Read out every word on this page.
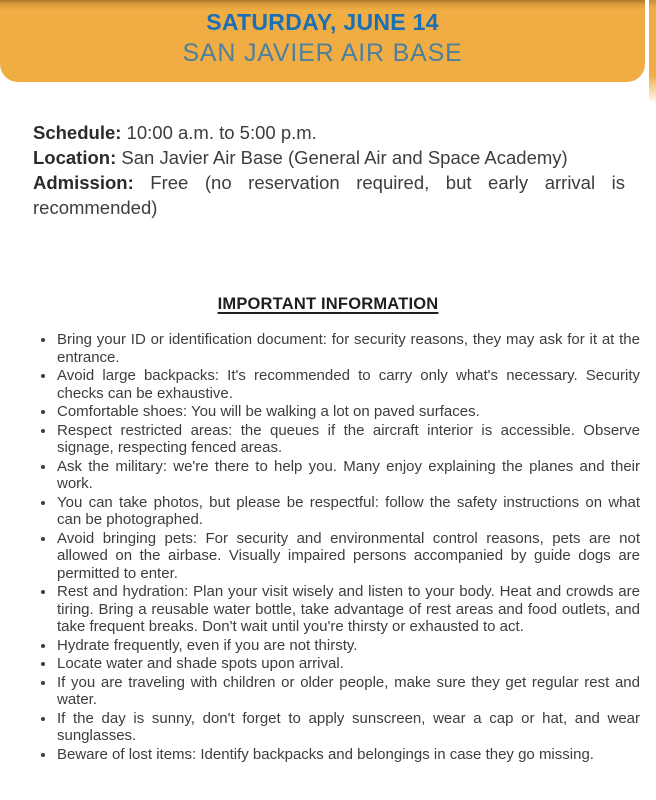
SATURDAY, JUNE 14
SAN JAVIER AIR BASE

Schedule: 10:00 a.m. to 5:00 p.m.

Location: San Javier Air Base (General Air and Space Academy)

Admission: Free (no reservation required, but early arrival is recommended)

IMPORTANT INFORMATION
• Bring your ID or identification document: for security reasons, they may ask for it at the entrance.
• Avoid large backpacks: It's recommended to carry only what's necessary. Security checks can be exhaustive.
• Comfortable shoes: You will be walking a lot on paved surfaces.
• Respect restricted areas: the queues if the aircraft interior is accessible. Observe signage, respecting fenced areas.
• Ask the military: we're there to help you. Many enjoy explaining the planes and their work.
• You can take photos, but please be respectful: follow the safety instructions on what can be photographed.
• Avoid bringing pets: For security and environmental control reasons, pets are not allowed on the airbase. Visually impaired persons accompanied by guide dogs are permitted to enter.
• Rest and hydration: Plan your visit wisely and listen to your body. Heat and crowds are tiring. Bring a reusable water bottle, take advantage of rest areas and food outlets, and take frequent breaks. Don't wait until you're thirsty or exhausted to act.
• Hydrate frequently, even if you are not thirsty.
• Locate water and shade spots upon arrival.
• If you are traveling with children or older people, make sure they get regular rest and water.
• If the day is sunny, don't forget to apply sunscreen, wear a cap or hat, and wear sunglasses.
• Beware of lost items: Identify backpacks and belongings in case they go missing.
